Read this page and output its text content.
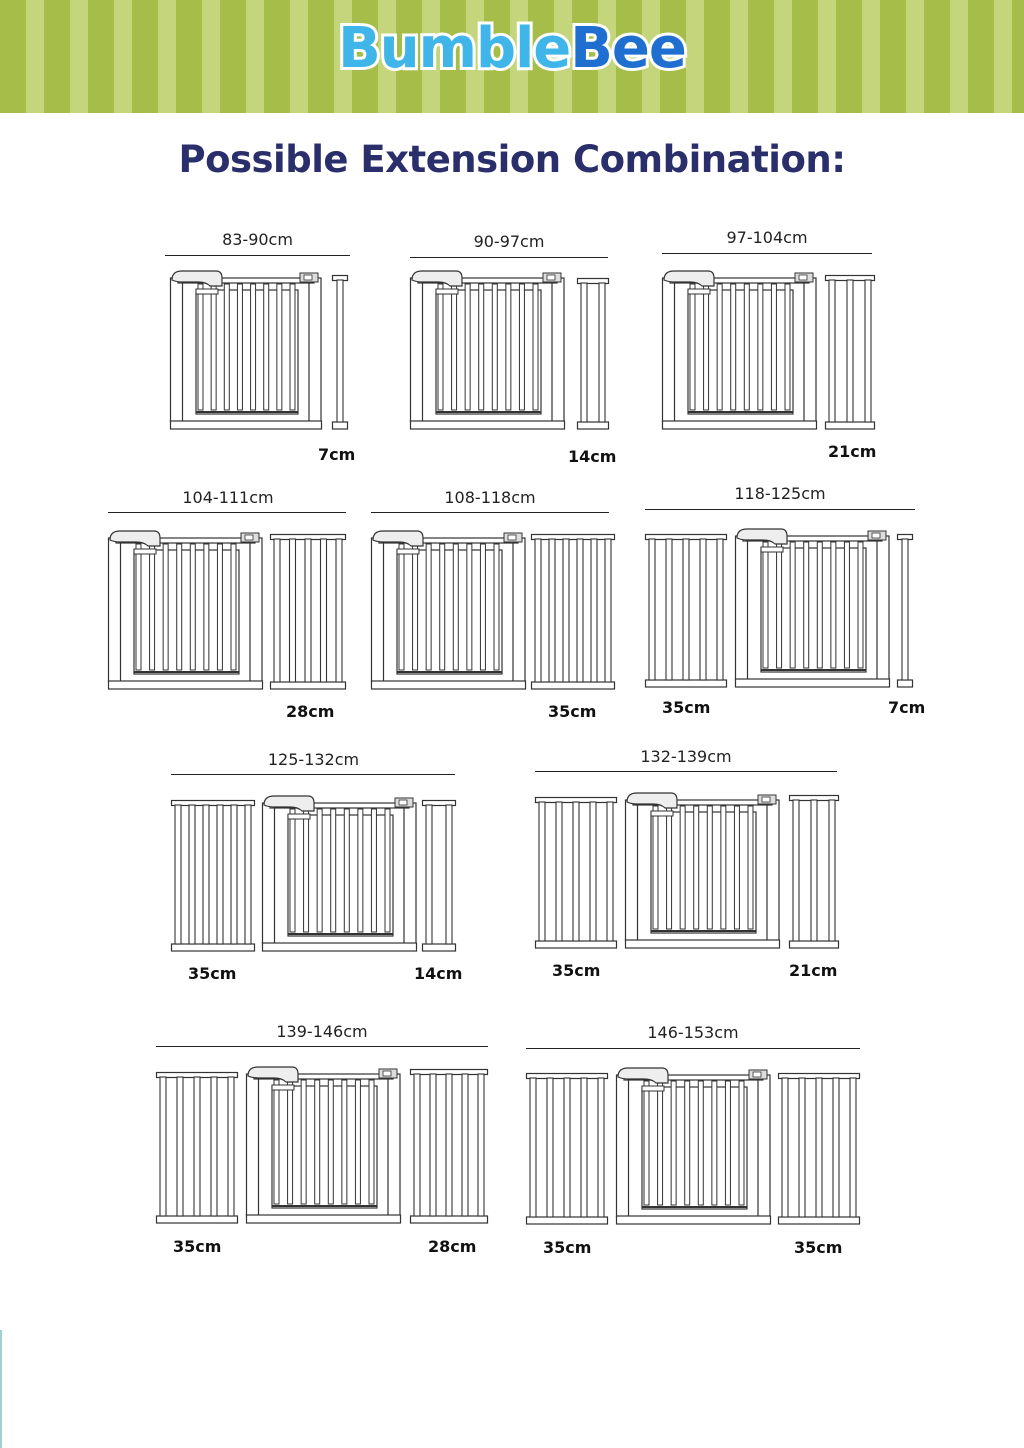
BumbleBee
Possible Extension Combination:
83-90cm
7cm
90-97cm
14cm
97-104cm
21cm
104-111cm
28cm
108-118cm
35cm
118-125cm
35cm	7cm
125-132cm
35cm	14cm
132-139cm
35cm	21cm
139-146cm
35cm	28cm
146-153cm
35cm	35cm
